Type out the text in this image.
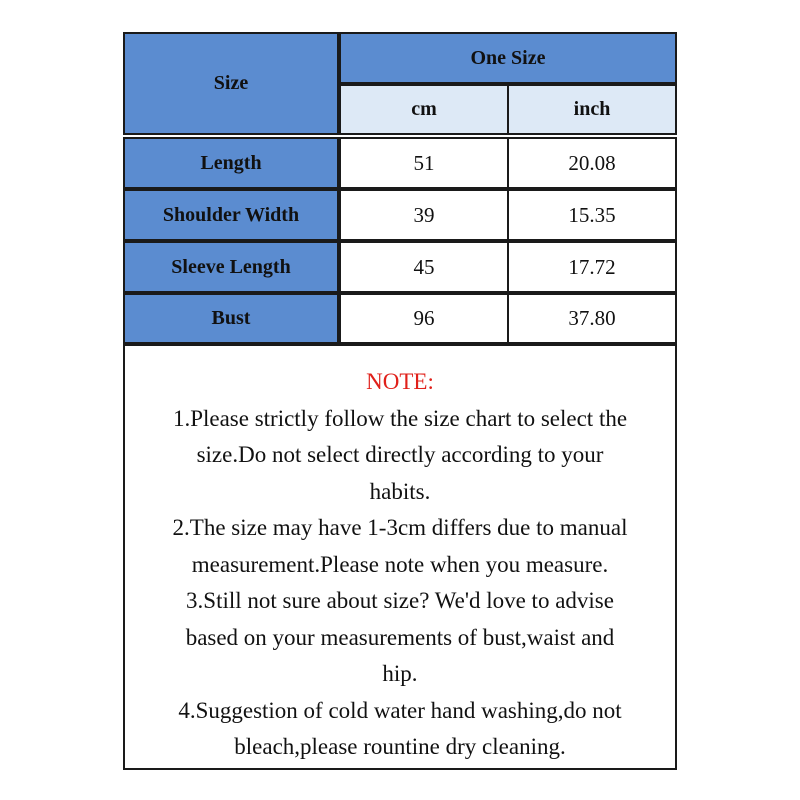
Size
One Size
cm	inch
Length	51	20.08
Shoulder Width	39	15.35
Sleeve Length	45	17.72
Bust	96	37.80
NOTE:
1.Please strictly follow the size chart to select the
size.Do not select directly according to your
habits.
2.The size may have 1-3cm differs due to manual
measurement.Please note when you measure.
3.Still not sure about size? We'd love to advise
based on your measurements of bust,waist and
hip.
4.Suggestion of cold water hand washing,do not
bleach,please rountine dry cleaning.
